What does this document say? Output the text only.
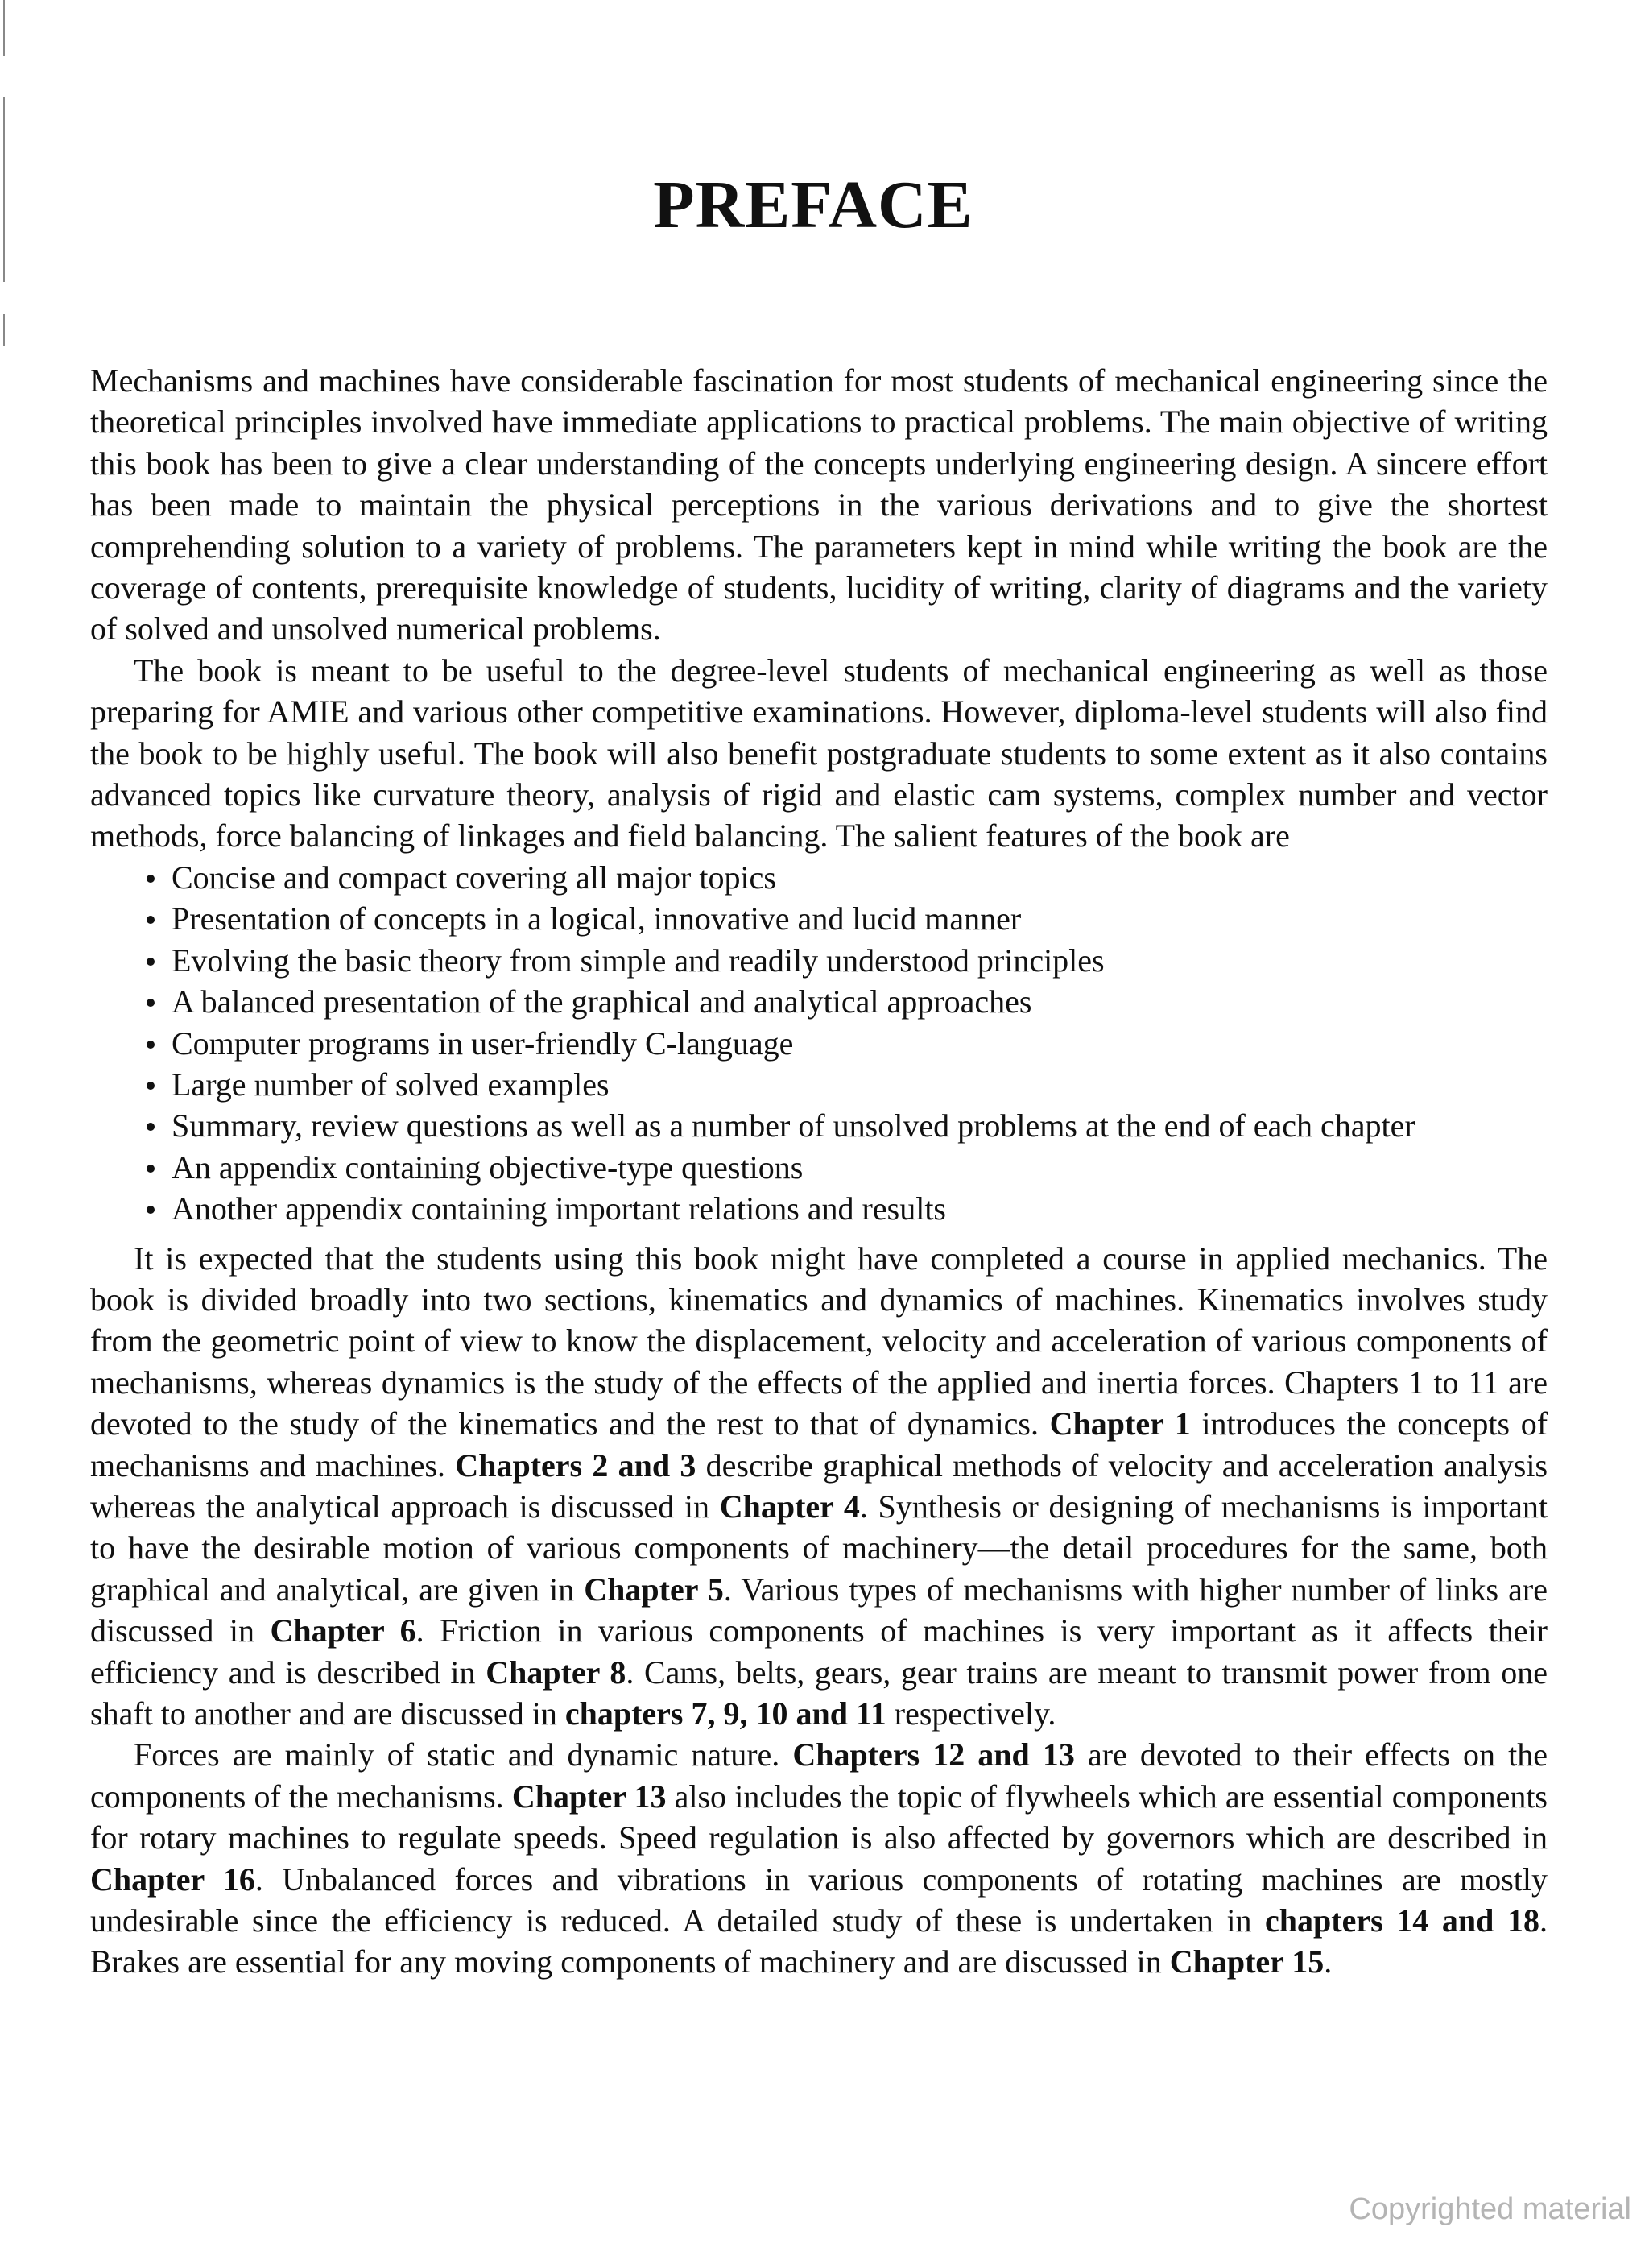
PREFACE

Mechanisms and machines have considerable fascination for most students of mechanical engineering since the theoretical principles involved have immediate applications to practical problems. The main objective of writing this book has been to give a clear understanding of the concepts underlying engineering design. A sincere effort has been made to maintain the physical perceptions in the various derivations and to give the shortest comprehending solution to a variety of problems. The parameters kept in mind while writing the book are the coverage of contents, prerequisite knowledge of students, lucidity of writing, clarity of diagrams and the variety of solved and unsolved numerical problems.

The book is meant to be useful to the degree-level students of mechanical engineering as well as those preparing for AMIE and various other competitive examinations. However, diploma-level students will also find the book to be highly useful. The book will also benefit postgraduate students to some extent as it also contains advanced topics like curvature theory, analysis of rigid and elastic cam systems, complex number and vector methods, force balancing of linkages and field balancing. The salient features of the book are

Concise and compact covering all major topics
Presentation of concepts in a logical, innovative and lucid manner
Evolving the basic theory from simple and readily understood principles
A balanced presentation of the graphical and analytical approaches
Computer programs in user-friendly C-language
Large number of solved examples
Summary, review questions as well as a number of unsolved problems at the end of each chapter
An appendix containing objective-type questions
Another appendix containing important relations and results

It is expected that the students using this book might have completed a course in applied mechanics. The book is divided broadly into two sections, kinematics and dynamics of machines. Kinematics involves study from the geometric point of view to know the displacement, velocity and acceleration of various components of mechanisms, whereas dynamics is the study of the effects of the applied and inertia forces. Chapters 1 to 11 are devoted to the study of the kinematics and the rest to that of dynamics. Chapter 1 introduces the concepts of mechanisms and machines. Chapters 2 and 3 describe graphical methods of velocity and acceleration analysis whereas the analytical approach is discussed in Chapter 4. Synthesis or designing of mechanisms is important to have the desirable motion of various components of machinery—the detail procedures for the same, both graphical and analytical, are given in Chapter 5. Various types of mechanisms with higher number of links are discussed in Chapter 6. Friction in various components of machines is very important as it affects their efficiency and is described in Chapter 8. Cams, belts, gears, gear trains are meant to transmit power from one shaft to another and are discussed in chapters 7, 9, 10 and 11 respectively.

Forces are mainly of static and dynamic nature. Chapters 12 and 13 are devoted to their effects on the components of the mechanisms. Chapter 13 also includes the topic of flywheels which are essential components for rotary machines to regulate speeds. Speed regulation is also affected by governors which are described in Chapter 16. Unbalanced forces and vibrations in various components of rotating machines are mostly undesirable since the efficiency is reduced. A detailed study of these is undertaken in chapters 14 and 18. Brakes are essential for any moving components of machinery and are discussed in Chapter 15.

Copyrighted material
